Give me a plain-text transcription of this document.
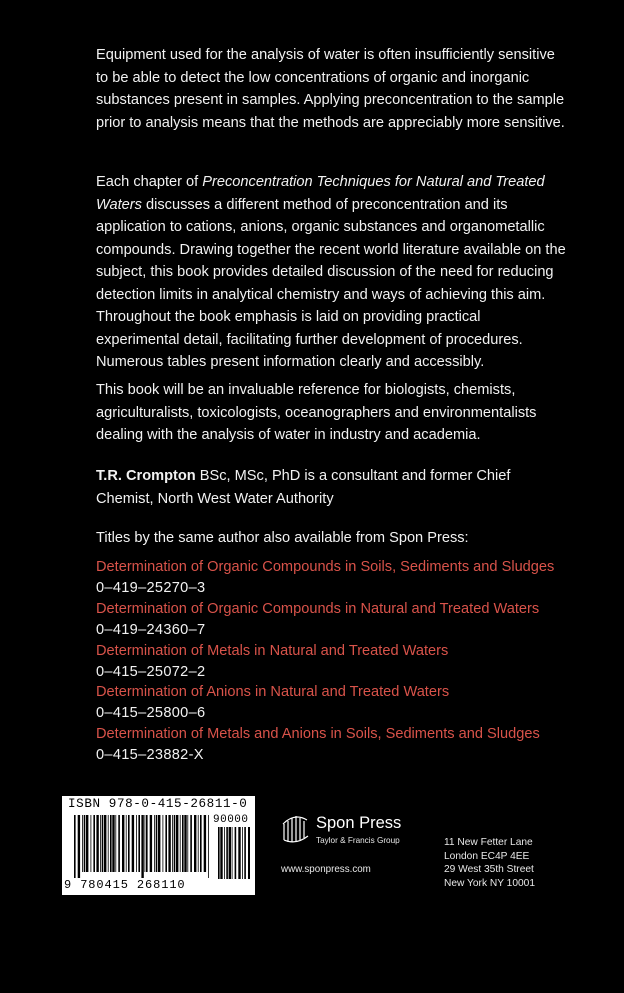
Equipment used for the analysis of water is often insufficiently sensitive to be able to detect the low concentrations of organic and inorganic substances present in samples. Applying preconcentration to the sample prior to analysis means that the methods are appreciably more sensitive.

Each chapter of Preconcentration Techniques for Natural and Treated Waters discusses a different method of preconcentration and its application to cations, anions, organic substances and organometallic compounds. Drawing together the recent world literature available on the subject, this book provides detailed discussion of the need for reducing detection limits in analytical chemistry and ways of achieving this aim. Throughout the book emphasis is laid on providing practical experimental detail, facilitating further development of procedures. Numerous tables present information clearly and accessibly.

This book will be an invaluable reference for biologists, chemists, agriculturalists, toxicologists, oceanographers and environmentalists dealing with the analysis of water in industry and academia.

T.R. Crompton BSc, MSc, PhD is a consultant and former Chief Chemist, North West Water Authority

Titles by the same author also available from Spon Press:

Determination of Organic Compounds in Soils, Sediments and Sludges
0–419–25270–3
Determination of Organic Compounds in Natural and Treated Waters
0–419–24360–7
Determination of Metals in Natural and Treated Waters
0–415–25072–2
Determination of Anions in Natural and Treated Waters
0–415–25800–6
Determination of Metals and Anions in Soils, Sediments and Sludges
0–415–23882-X
ISBN 978-0-415-26811-0
90000
9 780415 268110
Spon Press
Taylor & Francis Group
www.sponpress.com
11 New Fetter Lane
London EC4P 4EE
29 West 35th Street
New York NY 10001
